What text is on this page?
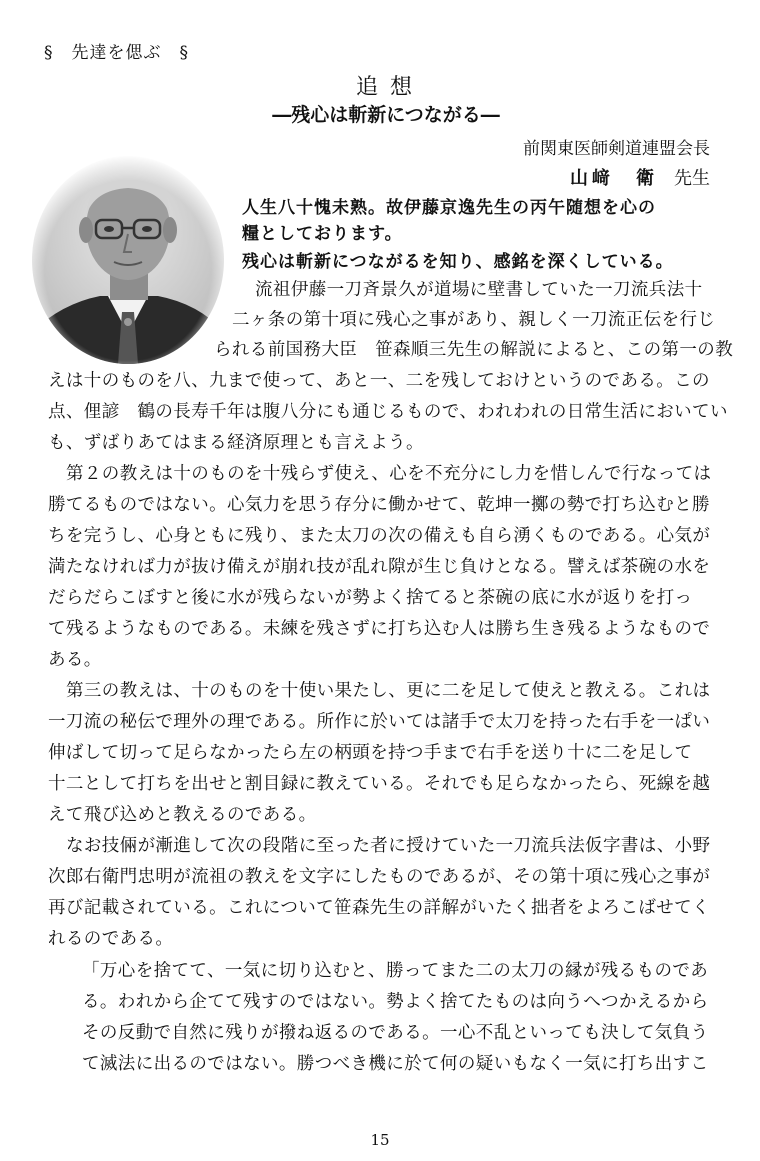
§　先達を偲ぶ　§
追想
―残心は斬新につながる―
前関東医師剣道連盟会長
山﨑　衛 先生
人生八十愧未熟。故伊藤京逸先生の丙午随想を心の
糧としております。
残心は斬新につながるを知り、感銘を深くしている。
流祖伊藤一刀斉景久が道場に壁書していた一刀流兵法十
二ヶ条の第十項に残心之事があり、親しく一刀流正伝を行じ
られる前国務大臣　笹森順三先生の解説によると、この第一の教
えは十のものを八、九まで使って、あと一、二を残しておけというのである。この
点、俚諺　鶴の長寿千年は腹八分にも通じるもので、われわれの日常生活においてい
も、ずばりあてはまる経済原理とも言えよう。
第２の教えは十のものを十残らず使え、心を不充分にし力を惜しんで行なっては
勝てるものではない。心気力を思う存分に働かせて、乾坤一擲の勢で打ち込むと勝
ちを完うし、心身ともに残り、また太刀の次の備えも自ら湧くものである。心気が
満たなければ力が抜け備えが崩れ技が乱れ隙が生じ負けとなる。譬えば茶碗の水を
だらだらこぼすと後に水が残らないが勢よく捨てると茶碗の底に水が返りを打っ
て残るようなものである。未練を残さずに打ち込む人は勝ち生き残るようなもので
ある。
第三の教えは、十のものを十使い果たし、更に二を足して使えと教える。これは
一刀流の秘伝で理外の理である。所作に於いては諸手で太刀を持った右手を一ぱい
伸ばして切って足らなかったら左の柄頭を持つ手まで右手を送り十に二を足して
十二として打ちを出せと割目録に教えている。それでも足らなかったら、死線を越
えて飛び込めと教えるのである。
なお技倆が漸進して次の段階に至った者に授けていた一刀流兵法仮字書は、小野
次郎右衛門忠明が流祖の教えを文字にしたものであるが、その第十項に残心之事が
再び記載されている。これについて笹森先生の詳解がいたく拙者をよろこばせてく
れるのである。
「万心を捨てて、一気に切り込むと、勝ってまた二の太刀の縁が残るものであ
る。われから企てて残すのではない。勢よく捨てたものは向うへつかえるから
その反動で自然に残りが撥ね返るのである。一心不乱といっても決して気負う
て滅法に出るのではない。勝つべき機に於て何の疑いもなく一気に打ち出すこ
15
